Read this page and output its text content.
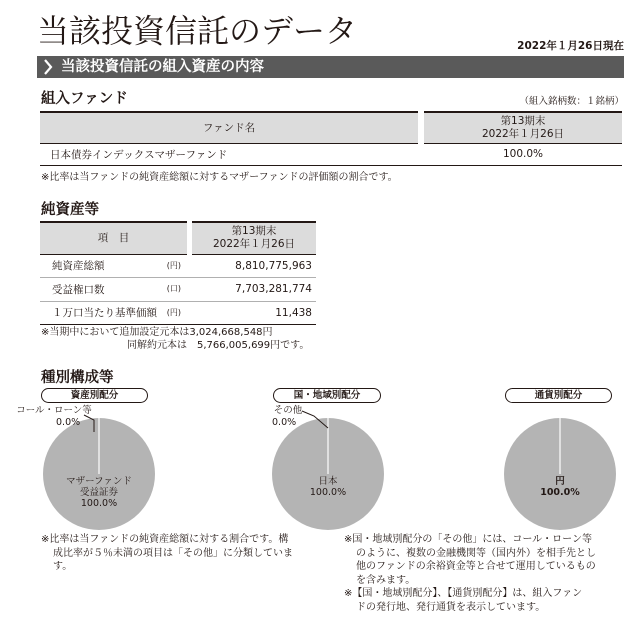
当該投資信託のデータ	2022年１月26日現在
当該投資信託の組入資産の内容
組入ファンド	（組入銘柄数：１銘柄）
ファンド名		第13期末
2022年１月26日

日本債券インデックスマザーファンド		100.0%
※比率は当ファンドの純資産総額に対するマザーファンドの評価額の割合です。
純資産等
項　目		第13期末
2022年１月26日

純資産総額 (円)		8,810,775,963
受益権口数 (口)		7,703,281,774
１万口当たり基準価額 (円)		11,438
※当期中において追加設定元本は3,024,668,548円
同解約元本は　5,766,005,699円です。
種別構成等
資産別配分
コール・ローン等
0.0%
マザーファンド
受益証券
100.0%
国・地域別配分
その他
0.0%
日本
100.0%
通貨別配分
円
100.0%
※比率は当ファンドの純資産総額に対する割合です。構
成比率が５％未満の項目は「その他」に分類していま
す。
※国・地域別配分の「その他」には、コール・ローン等
のように、複数の金融機関等（国内外）を相手先とし
他のファンドの余裕資金等と合せて運用しているもの
を含みます。
※【国・地域別配分】、【通貨別配分】は、組入ファン
ドの発行地、発行通貨を表示しています。
